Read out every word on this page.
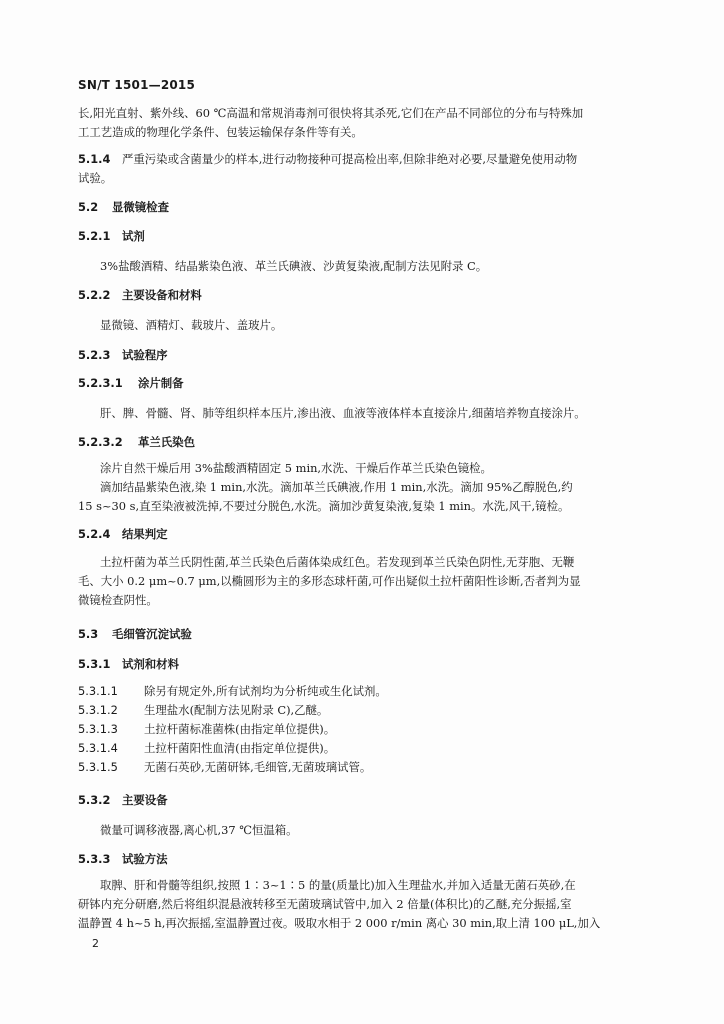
SN/T 1501—2015
长,阳光直射、紫外线、60 ℃高温和常规消毒剂可很快将其杀死,它们在产品不同部位的分布与特殊加
工工艺造成的物理化学条件、包装运输保存条件等有关。
5.1.4 严重污染或含菌量少的样本,进行动物接种可提高检出率,但除非绝对必要,尽量避免使用动物
试验。
5.2 显微镜检查
5.2.1 试剂
3%盐酸酒精、结晶紫染色液、革兰氏碘液、沙黄复染液,配制方法见附录 C。
5.2.2 主要设备和材料
显微镜、酒精灯、载玻片、盖玻片。
5.2.3 试验程序
5.2.3.1 涂片制备
肝、脾、骨髓、肾、肺等组织样本压片,渗出液、血液等液体样本直接涂片,细菌培养物直接涂片。
5.2.3.2 革兰氏染色
涂片自然干燥后用 3%盐酸酒精固定 5 min,水洗、干燥后作革兰氏染色镜检。
滴加结晶紫染色液,染 1 min,水洗。滴加革兰氏碘液,作用 1 min,水洗。滴加 95%乙醇脱色,约
15 s~30 s,直至染液被洗掉,不要过分脱色,水洗。滴加沙黄复染液,复染 1 min。水洗,风干,镜检。
5.2.4 结果判定
土拉杆菌为革兰氏阴性菌,革兰氏染色后菌体染成红色。若发现到革兰氏染色阴性,无芽胞、无鞭
毛、大小 0.2 μm~0.7 μm,以椭圆形为主的多形态球杆菌,可作出疑似土拉杆菌阳性诊断,否者判为显
微镜检查阴性。
5.3 毛细管沉淀试验
5.3.1 试剂和材料
5.3.1.1 除另有规定外,所有试剂均为分析纯或生化试剂。
5.3.1.2 生理盐水(配制方法见附录 C),乙醚。
5.3.1.3 土拉杆菌标准菌株(由指定单位提供)。
5.3.1.4 土拉杆菌阳性血清(由指定单位提供)。
5.3.1.5 无菌石英砂,无菌研钵,毛细管,无菌玻璃试管。
5.3.2 主要设备
微量可调移液器,离心机,37 ℃恒温箱。
5.3.3 试验方法
取脾、肝和骨髓等组织,按照 1∶3~1∶5 的量(质量比)加入生理盐水,并加入适量无菌石英砂,在
研钵内充分研磨,然后将组织混悬液转移至无菌玻璃试管中,加入 2 倍量(体积比)的乙醚,充分振摇,室
温静置 4 h~5 h,再次振摇,室温静置过夜。吸取水相于 2 000 r/min 离心 30 min,取上清 100 μL,加入
2
